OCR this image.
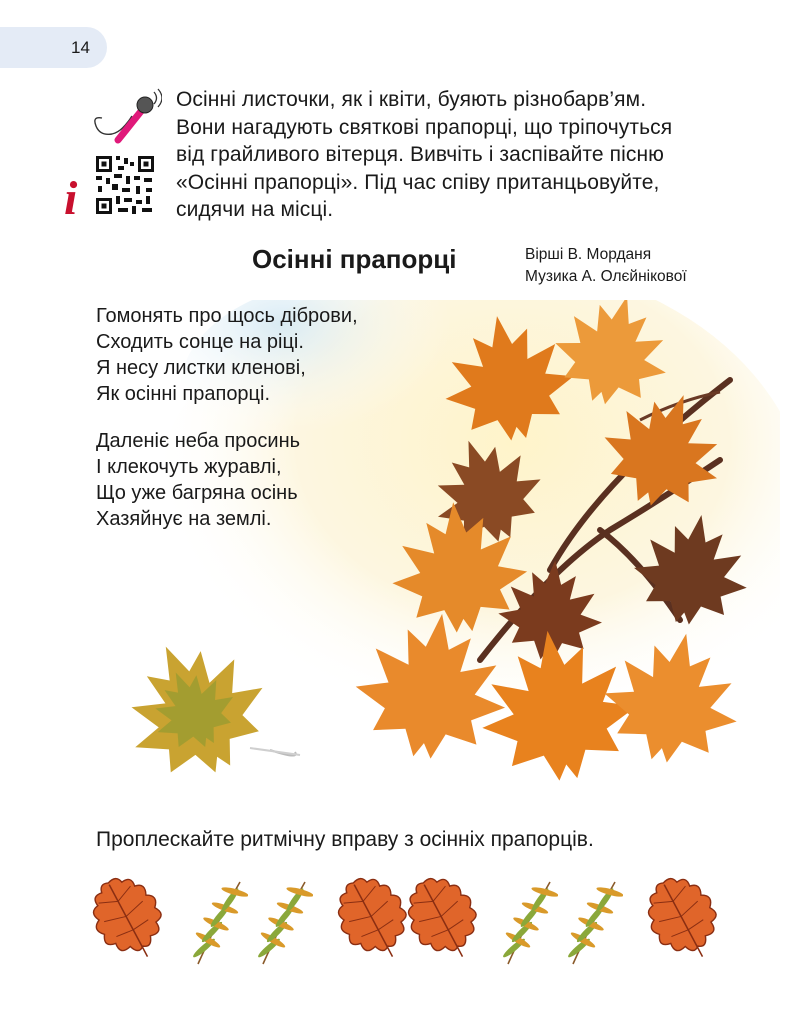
14
i
Осінні листочки, як і квіти, буяють різнобарв’ям.
Вони нагадують святкові прапорці, що тріпочуться
від грайливого вітерця. Вивчіть і заспівайте пісню
«Осінні прапорці». Під час співу пританцьовуйте,
сидячи на місці.
Осінні прапорці	Вірші В. Морданя
Музика А. Олєйнікової
Гомонять про щось діброви,
Сходить сонце на ріці.
Я несу листки кленові,
Як осінні прапорці.
Даленіє неба просинь
І клекочуть журавлі,
Що уже багряна осінь
Хазяйнує на землі.
Проплескайте ритмічну вправу з осінніх прапорців.
